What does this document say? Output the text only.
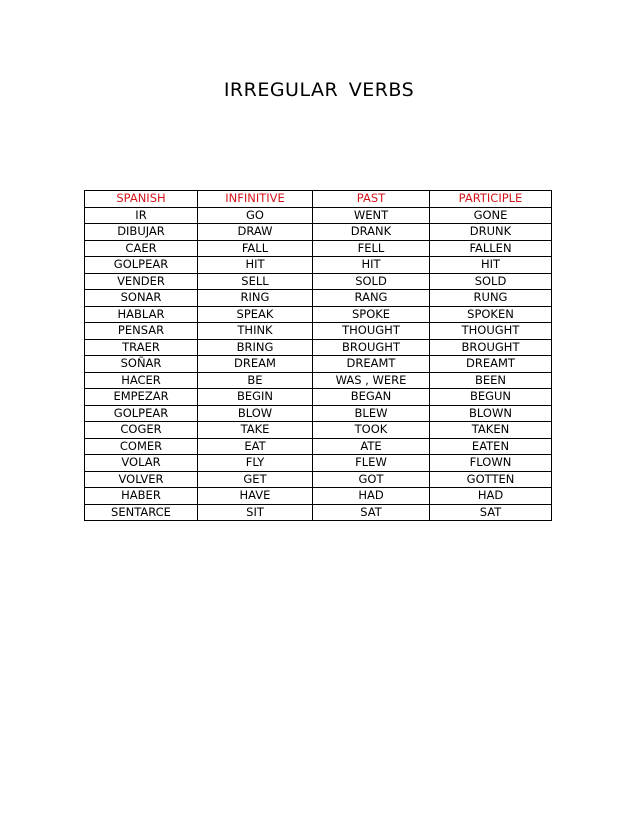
IRREGULAR VERBS
SPANISH	INFINITIVE	PAST	PARTICIPLE
IR	GO	WENT	GONE
DIBUJAR	DRAW	DRANK	DRUNK
CAER	FALL	FELL	FALLEN
GOLPEAR	HIT	HIT	HIT
VENDER	SELL	SOLD	SOLD
SONAR	RING	RANG	RUNG
HABLAR	SPEAK	SPOKE	SPOKEN
PENSAR	THINK	THOUGHT	THOUGHT
TRAER	BRING	BROUGHT	BROUGHT
SOÑAR	DREAM	DREAMT	DREAMT
HACER	BE	WAS , WERE	BEEN
EMPEZAR	BEGIN	BEGAN	BEGUN
GOLPEAR	BLOW	BLEW	BLOWN
COGER	TAKE	TOOK	TAKEN
COMER	EAT	ATE	EATEN
VOLAR	FLY	FLEW	FLOWN
VOLVER	GET	GOT	GOTTEN
HABER	HAVE	HAD	HAD
SENTARCE	SIT	SAT	SAT
